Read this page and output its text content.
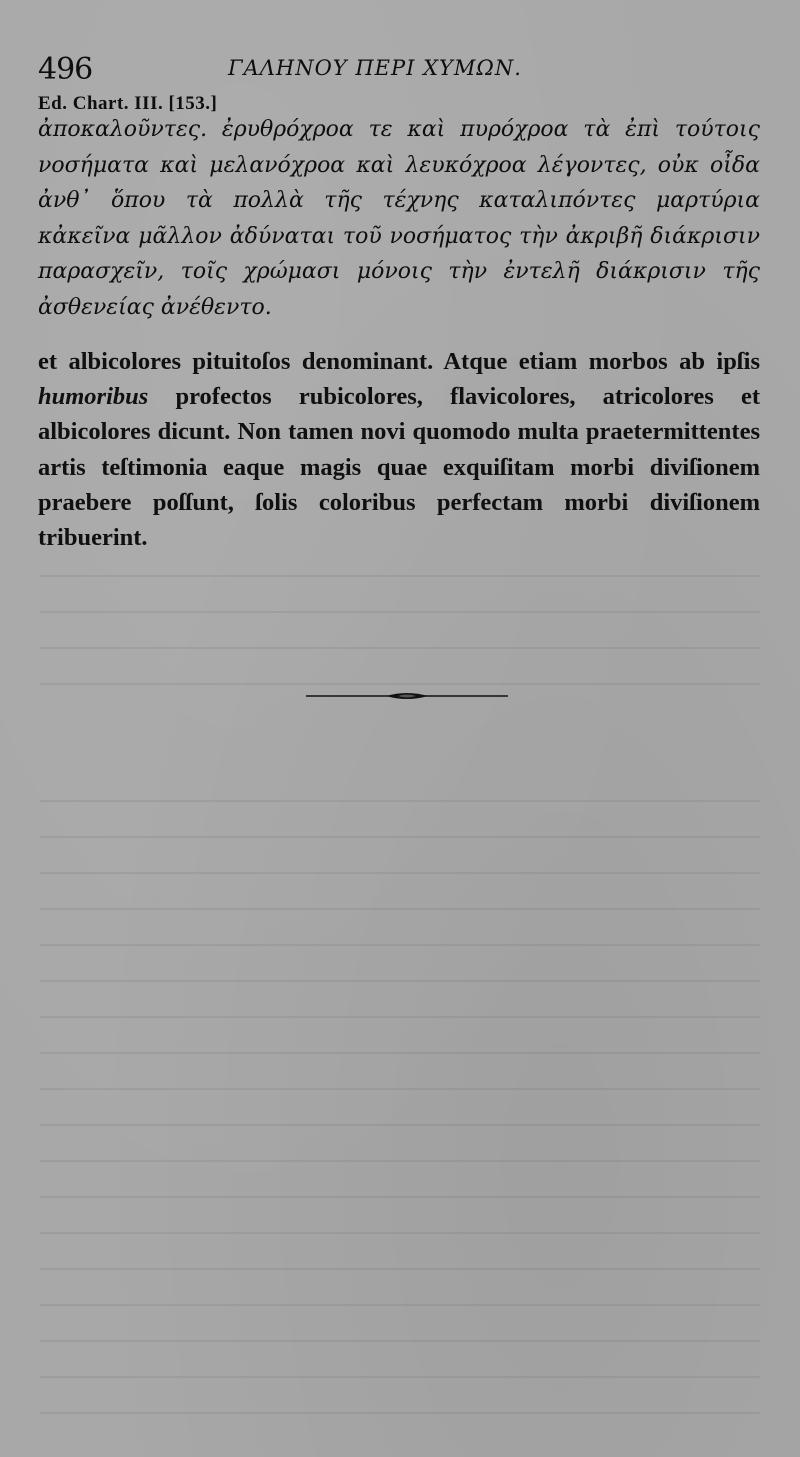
496	ΓΑΛΗΝΟΥ ΠΕΡΙ ΧΥΜΩΝ.
Ed. Chart. III. [153.]

ἀποκαλοῦντες. ἐρυθρόχροα τε καὶ πυρόχροα τὰ ἐπὶ τούτοις νοσήματα καὶ μελανόχροα καὶ λευκόχροα λέγοντες, οὐκ οἶδα ἀνθ᾽ ὅπου τὰ πολλὰ τῆς τέχνης καταλιπόντες μαρτύρια κἀκεῖνα μᾶλλον ἀδύναται τοῦ νοσήματος τὴν ἀκριβῆ διάκρισιν παρασχεῖν, τοῖς χρώμασι μόνοις τὴν ἐντελῆ διάκρισιν τῆς ἀσθενείας ἀνέθεντο.

et albicolores pituitoſos denominant. Atque etiam morbos ab ipſis humoribus profectos rubicolores, flavicolores, atricolores et albicolores dicunt. Non tamen novi quomodo multa praetermittentes artis teſtimonia eaque magis quae exquiſitam morbi diviſionem praebere poſſunt, ſolis coloribus perfectam morbi diviſionem tribuerint.
